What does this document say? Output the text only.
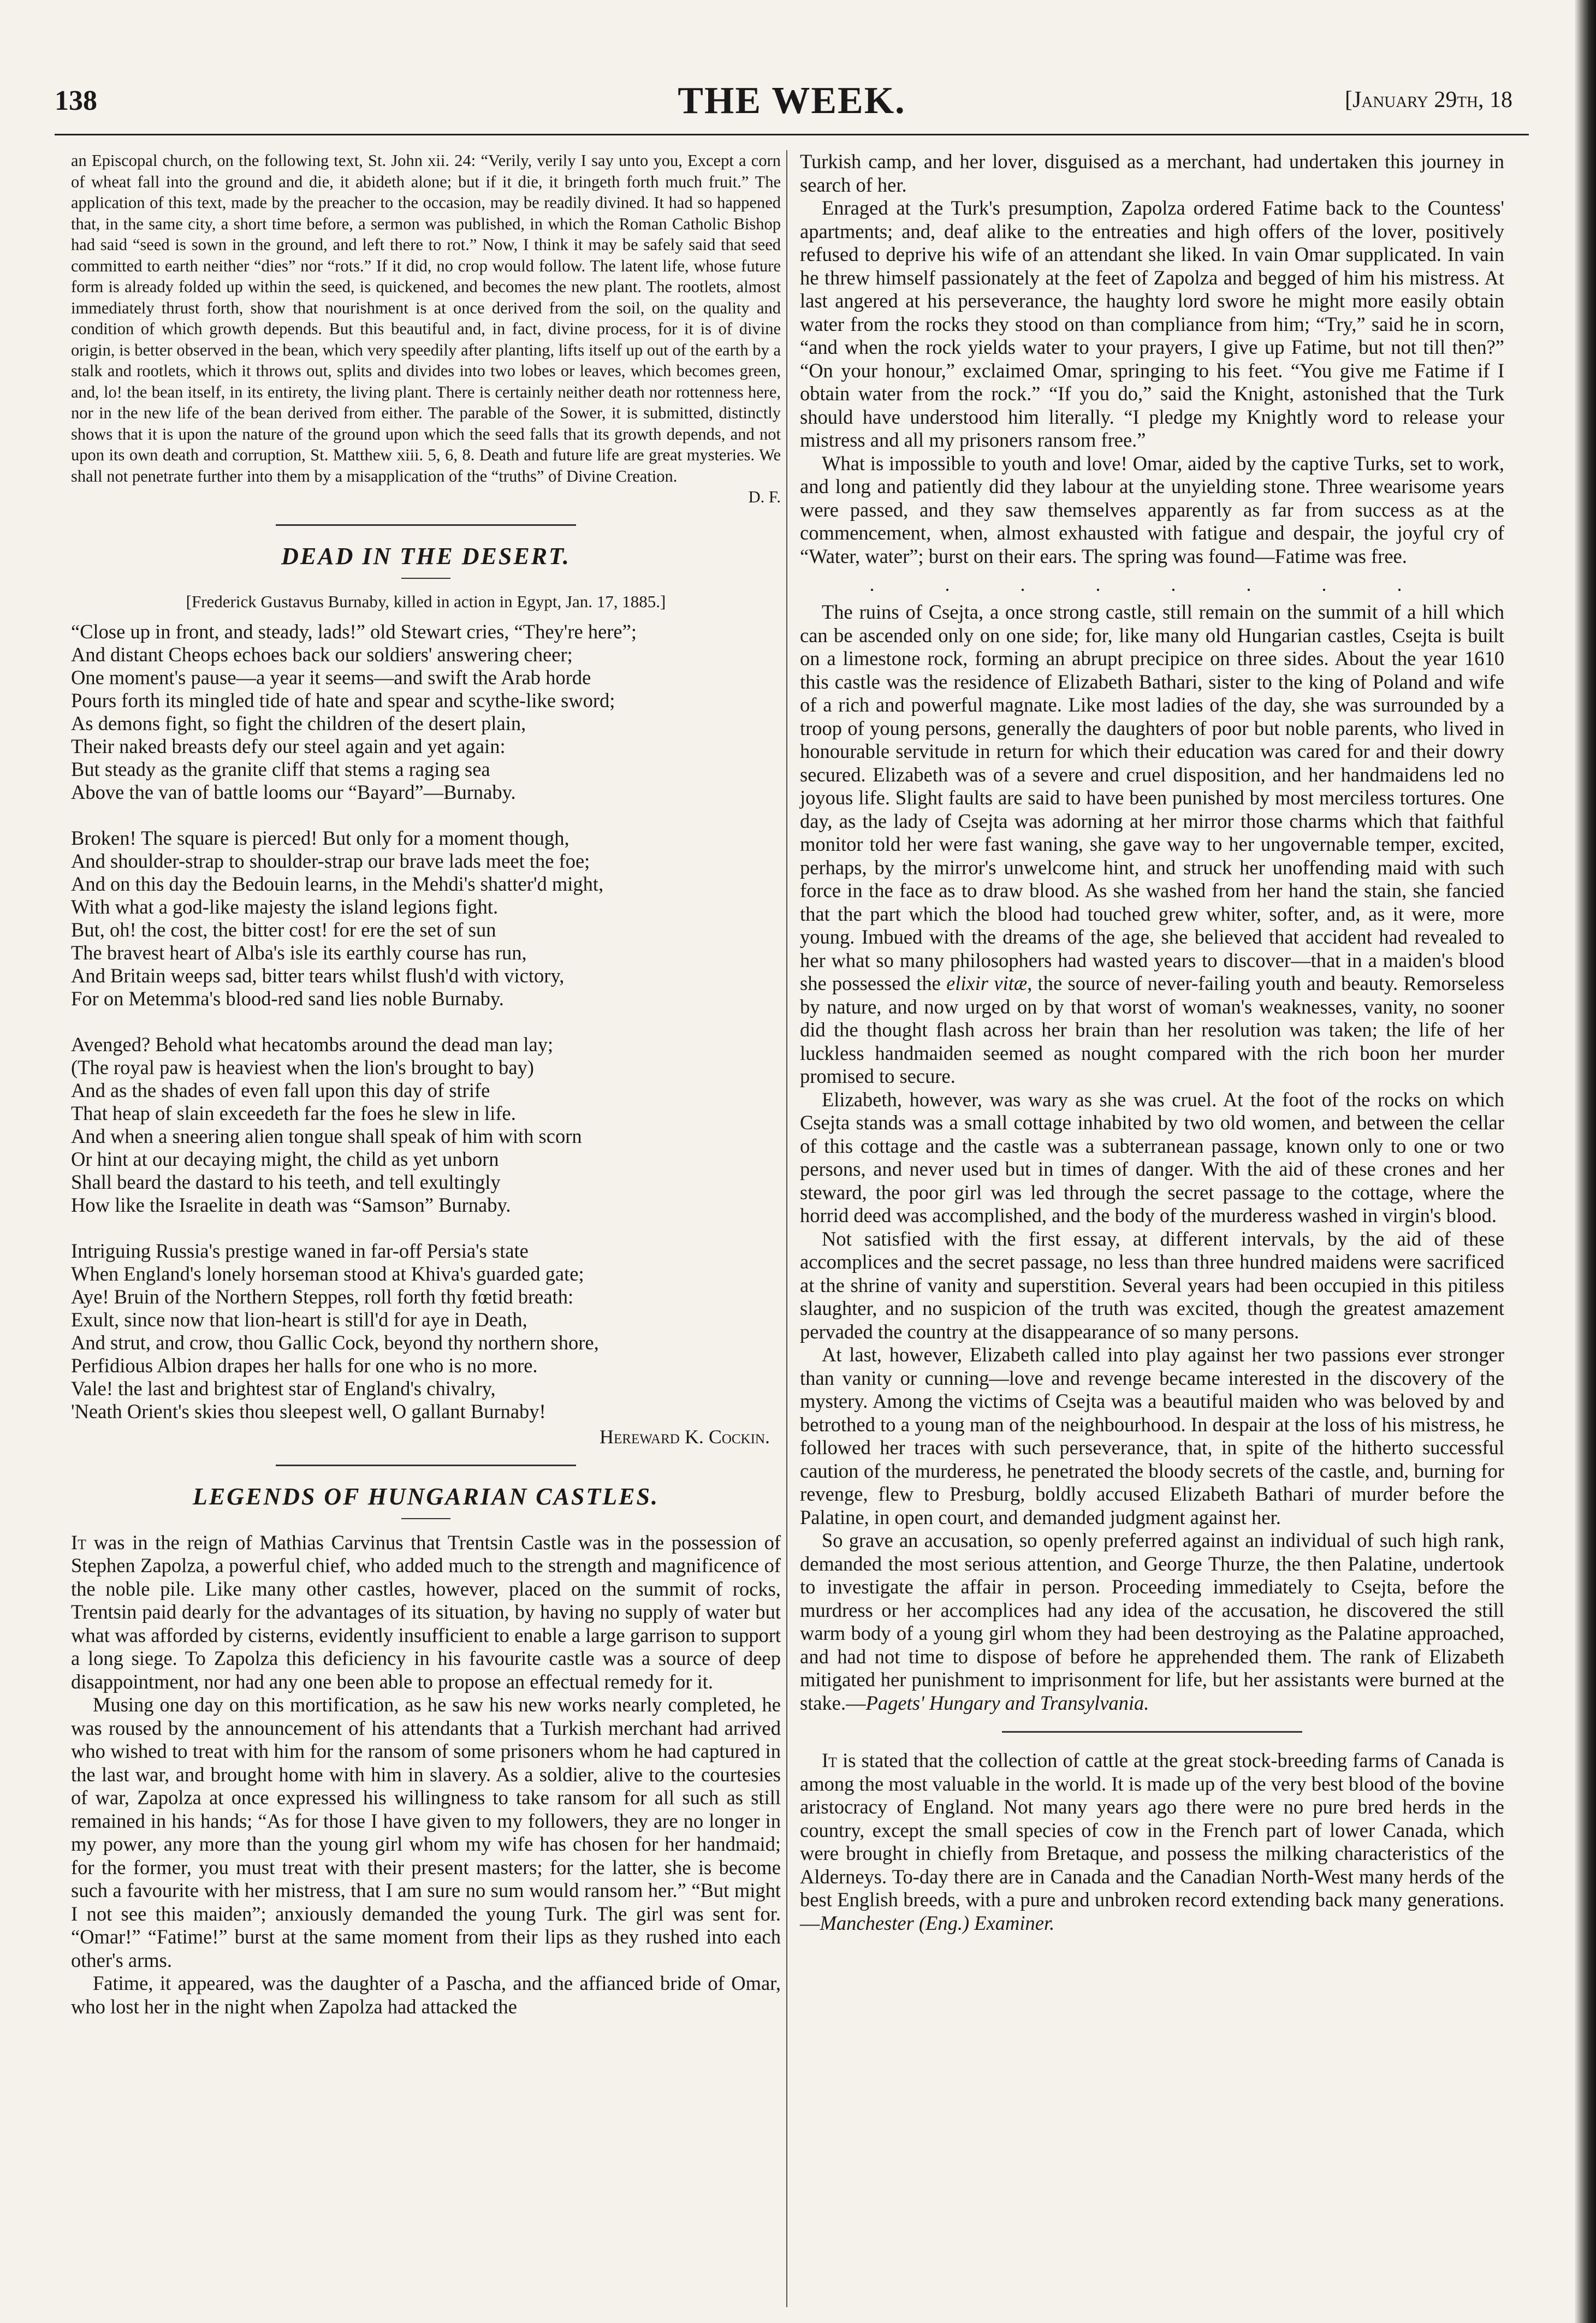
138	THE WEEK.	[January 29th, 18

an Episcopal church, on the following text, St. John xii. 24: “Verily, verily I say unto you, Except a corn of wheat fall into the ground and die, it abideth alone; but if it die, it bringeth forth much fruit.” The application of this text, made by the preacher to the occasion, may be readily divined. It had so happened that, in the same city, a short time before, a sermon was published, in which the Roman Catholic Bishop had said “seed is sown in the ground, and left there to rot.” Now, I think it may be safely said that seed committed to earth neither “dies” nor “rots.” If it did, no crop would follow. The latent life, whose future form is already folded up within the seed, is quickened, and becomes the new plant. The rootlets, almost immediately thrust forth, show that nourishment is at once derived from the soil, on the quality and condition of which growth depends. But this beautiful and, in fact, divine process, for it is of divine origin, is better observed in the bean, which very speedily after planting, lifts itself up out of the earth by a stalk and rootlets, which it throws out, splits and divides into two lobes or leaves, which becomes green, and, lo! the bean itself, in its entirety, the living plant. There is certainly neither death nor rottenness here, nor in the new life of the bean derived from either. The parable of the Sower, it is submitted, distinctly shows that it is upon the nature of the ground upon which the seed falls that its growth depends, and not upon its own death and corruption, St. Matthew xiii. 5, 6, 8. Death and future life are great mysteries. We shall not penetrate further into them by a misapplication of the “truths” of Divine Creation.

D. F.

DEAD IN THE DESERT.

[Frederick Gustavus Burnaby, killed in action in Egypt, Jan. 17, 1885.]

“Close up in front, and steady, lads!” old Stewart cries, “They're here”;
And distant Cheops echoes back our soldiers' answering cheer;
One moment's pause—a year it seems—and swift the Arab horde
Pours forth its mingled tide of hate and spear and scythe-like sword;
As demons fight, so fight the children of the desert plain,
Their naked breasts defy our steel again and yet again:
But steady as the granite cliff that stems a raging sea
Above the van of battle looms our “Bayard”—Burnaby.
Broken! The square is pierced! But only for a moment though,
And shoulder-strap to shoulder-strap our brave lads meet the foe;
And on this day the Bedouin learns, in the Mehdi's shatter'd might,
With what a god-like majesty the island legions fight.
But, oh! the cost, the bitter cost! for ere the set of sun
The bravest heart of Alba's isle its earthly course has run,
And Britain weeps sad, bitter tears whilst flush'd with victory,
For on Metemma's blood-red sand lies noble Burnaby.
Avenged? Behold what hecatombs around the dead man lay;
(The royal paw is heaviest when the lion's brought to bay)
And as the shades of even fall upon this day of strife
That heap of slain exceedeth far the foes he slew in life.
And when a sneering alien tongue shall speak of him with scorn
Or hint at our decaying might, the child as yet unborn
Shall beard the dastard to his teeth, and tell exultingly
How like the Israelite in death was “Samson” Burnaby.
Intriguing Russia's prestige waned in far-off Persia's state
When England's lonely horseman stood at Khiva's guarded gate;
Aye! Bruin of the Northern Steppes, roll forth thy fœtid breath:
Exult, since now that lion-heart is still'd for aye in Death,
And strut, and crow, thou Gallic Cock, beyond thy northern shore,
Perfidious Albion drapes her halls for one who is no more.
Vale! the last and brightest star of England's chivalry,
'Neath Orient's skies thou sleepest well, O gallant Burnaby!
Hereward K. Cockin.
LEGENDS OF HUNGARIAN CASTLES.

It was in the reign of Mathias Carvinus that Trentsin Castle was in the possession of Stephen Zapolza, a powerful chief, who added much to the strength and magnificence of the noble pile. Like many other castles, however, placed on the summit of rocks, Trentsin paid dearly for the advantages of its situation, by having no supply of water but what was afforded by cisterns, evidently insufficient to enable a large garrison to support a long siege. To Zapolza this deficiency in his favourite castle was a source of deep disappointment, nor had any one been able to propose an effectual remedy for it.

Musing one day on this mortification, as he saw his new works nearly completed, he was roused by the announcement of his attendants that a Turkish merchant had arrived who wished to treat with him for the ransom of some prisoners whom he had captured in the last war, and brought home with him in slavery. As a soldier, alive to the courtesies of war, Zapolza at once expressed his willingness to take ransom for all such as still remained in his hands; “As for those I have given to my followers, they are no longer in my power, any more than the young girl whom my wife has chosen for her handmaid; for the former, you must treat with their present masters; for the latter, she is become such a favourite with her mistress, that I am sure no sum would ransom her.” “But might I not see this maiden”; anxiously demanded the young Turk. The girl was sent for. “Omar!” “Fatime!” burst at the same moment from their lips as they rushed into each other's arms.

Fatime, it appeared, was the daughter of a Pascha, and the affianced bride of Omar, who lost her in the night when Zapolza had attacked the

Turkish camp, and her lover, disguised as a merchant, had undertaken this journey in search of her.

Enraged at the Turk's presumption, Zapolza ordered Fatime back to the Countess' apartments; and, deaf alike to the entreaties and high offers of the lover, positively refused to deprive his wife of an attendant she liked. In vain Omar supplicated. In vain he threw himself passionately at the feet of Zapolza and begged of him his mistress. At last angered at his perseverance, the haughty lord swore he might more easily obtain water from the rocks they stood on than compliance from him; “Try,” said he in scorn, “and when the rock yields water to your prayers, I give up Fatime, but not till then?” “On your honour,” exclaimed Omar, springing to his feet. “You give me Fatime if I obtain water from the rock.” “If you do,” said the Knight, astonished that the Turk should have understood him literally. “I pledge my Knightly word to release your mistress and all my prisoners ransom free.”

What is impossible to youth and love! Omar, aided by the captive Turks, set to work, and long and patiently did they labour at the unyielding stone. Three wearisome years were passed, and they saw themselves apparently as far from success as at the commencement, when, almost exhausted with fatigue and despair, the joyful cry of “Water, water”; burst on their ears. The spring was found—Fatime was free.

. . . . . . . .

The ruins of Csejta, a once strong castle, still remain on the summit of a hill which can be ascended only on one side; for, like many old Hungarian castles, Csejta is built on a limestone rock, forming an abrupt precipice on three sides. About the year 1610 this castle was the residence of Elizabeth Bathari, sister to the king of Poland and wife of a rich and powerful magnate. Like most ladies of the day, she was surrounded by a troop of young persons, generally the daughters of poor but noble parents, who lived in honourable servitude in return for which their education was cared for and their dowry secured. Elizabeth was of a severe and cruel disposition, and her handmaidens led no joyous life. Slight faults are said to have been punished by most merciless tortures. One day, as the lady of Csejta was adorning at her mirror those charms which that faithful monitor told her were fast waning, she gave way to her ungovernable temper, excited, perhaps, by the mirror's unwelcome hint, and struck her unoffending maid with such force in the face as to draw blood. As she washed from her hand the stain, she fancied that the part which the blood had touched grew whiter, softer, and, as it were, more young. Imbued with the dreams of the age, she believed that accident had revealed to her what so many philosophers had wasted years to discover—that in a maiden's blood she possessed the elixir vitæ, the source of never-failing youth and beauty. Remorseless by nature, and now urged on by that worst of woman's weaknesses, vanity, no sooner did the thought flash across her brain than her resolution was taken; the life of her luckless handmaiden seemed as nought compared with the rich boon her murder promised to secure.

Elizabeth, however, was wary as she was cruel. At the foot of the rocks on which Csejta stands was a small cottage inhabited by two old women, and between the cellar of this cottage and the castle was a subterranean passage, known only to one or two persons, and never used but in times of danger. With the aid of these crones and her steward, the poor girl was led through the secret passage to the cottage, where the horrid deed was accomplished, and the body of the murderess washed in virgin's blood.

Not satisfied with the first essay, at different intervals, by the aid of these accomplices and the secret passage, no less than three hundred maidens were sacrificed at the shrine of vanity and superstition. Several years had been occupied in this pitiless slaughter, and no suspicion of the truth was excited, though the greatest amazement pervaded the country at the disappearance of so many persons.

At last, however, Elizabeth called into play against her two passions ever stronger than vanity or cunning—love and revenge became interested in the discovery of the mystery. Among the victims of Csejta was a beautiful maiden who was beloved by and betrothed to a young man of the neighbourhood. In despair at the loss of his mistress, he followed her traces with such perseverance, that, in spite of the hitherto successful caution of the murderess, he penetrated the bloody secrets of the castle, and, burning for revenge, flew to Presburg, boldly accused Elizabeth Bathari of murder before the Palatine, in open court, and demanded judgment against her.

So grave an accusation, so openly preferred against an individual of such high rank, demanded the most serious attention, and George Thurze, the then Palatine, undertook to investigate the affair in person. Proceeding immediately to Csejta, before the murdress or her accomplices had any idea of the accusation, he discovered the still warm body of a young girl whom they had been destroying as the Palatine approached, and had not time to dispose of before he apprehended them. The rank of Elizabeth mitigated her punishment to imprisonment for life, but her assistants were burned at the stake.—Pagets' Hungary and Transylvania.

It is stated that the collection of cattle at the great stock-breeding farms of Canada is among the most valuable in the world. It is made up of the very best blood of the bovine aristocracy of England. Not many years ago there were no pure bred herds in the country, except the small species of cow in the French part of lower Canada, which were brought in chiefly from Bretaque, and possess the milking characteristics of the Alderneys. To-day there are in Canada and the Canadian North-West many herds of the best English breeds, with a pure and unbroken record extending back many generations.—Manchester (Eng.) Examiner.
